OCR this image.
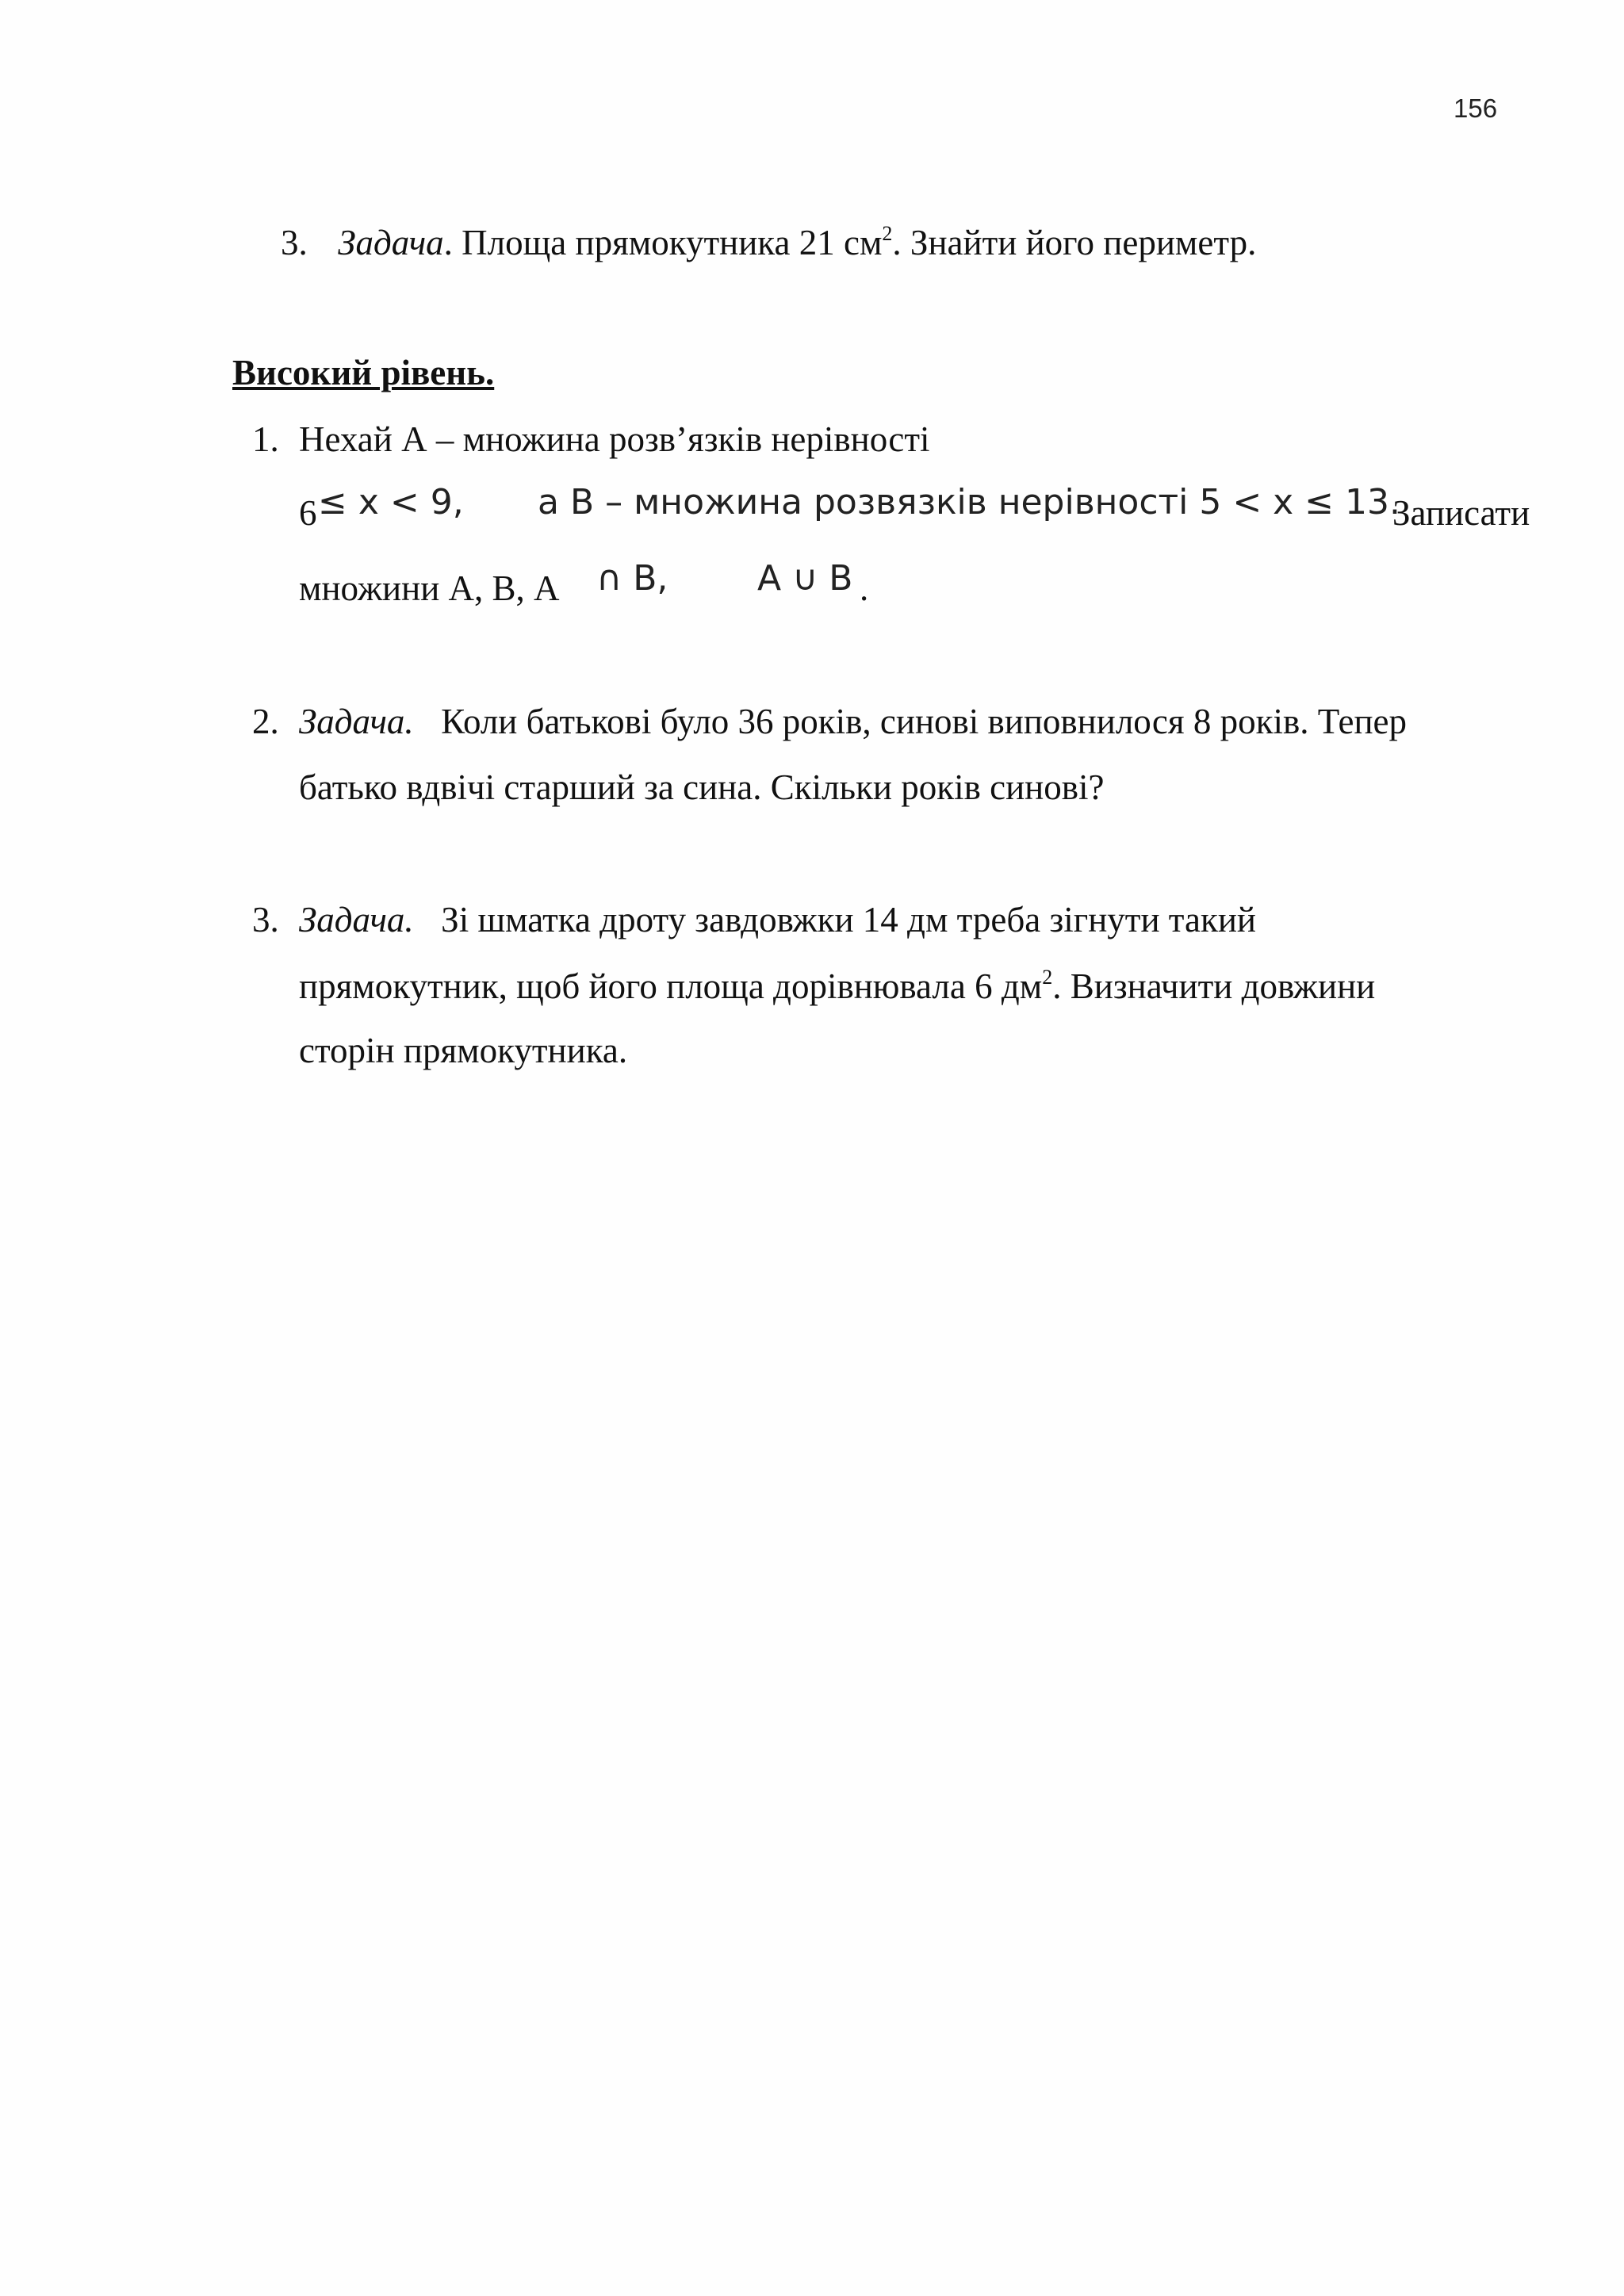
156
3. Задача. Площа прямокутника 21 $см^2$. Знайти його периметр.
Високий рівень.
1. Нехай А – множина розв’язків нерівності
6 ≤ x < 9, а В – множина розвязків нерівності 5 < x ≤ 13.
Записати
множини А, В, А ∩ B,	A ∪ B .
2. Задача. Коли батькові було 36 років, синові виповнилося 8 років. Тепер
батько вдвічі старший за сина. Скільки років синові?
3. Задача. Зі шматка дроту завдовжки 14 дм треба зігнути такий
прямокутник, щоб його площа дорівнювала 6 $дм^2$. Визначити довжини
сторін прямокутника.
